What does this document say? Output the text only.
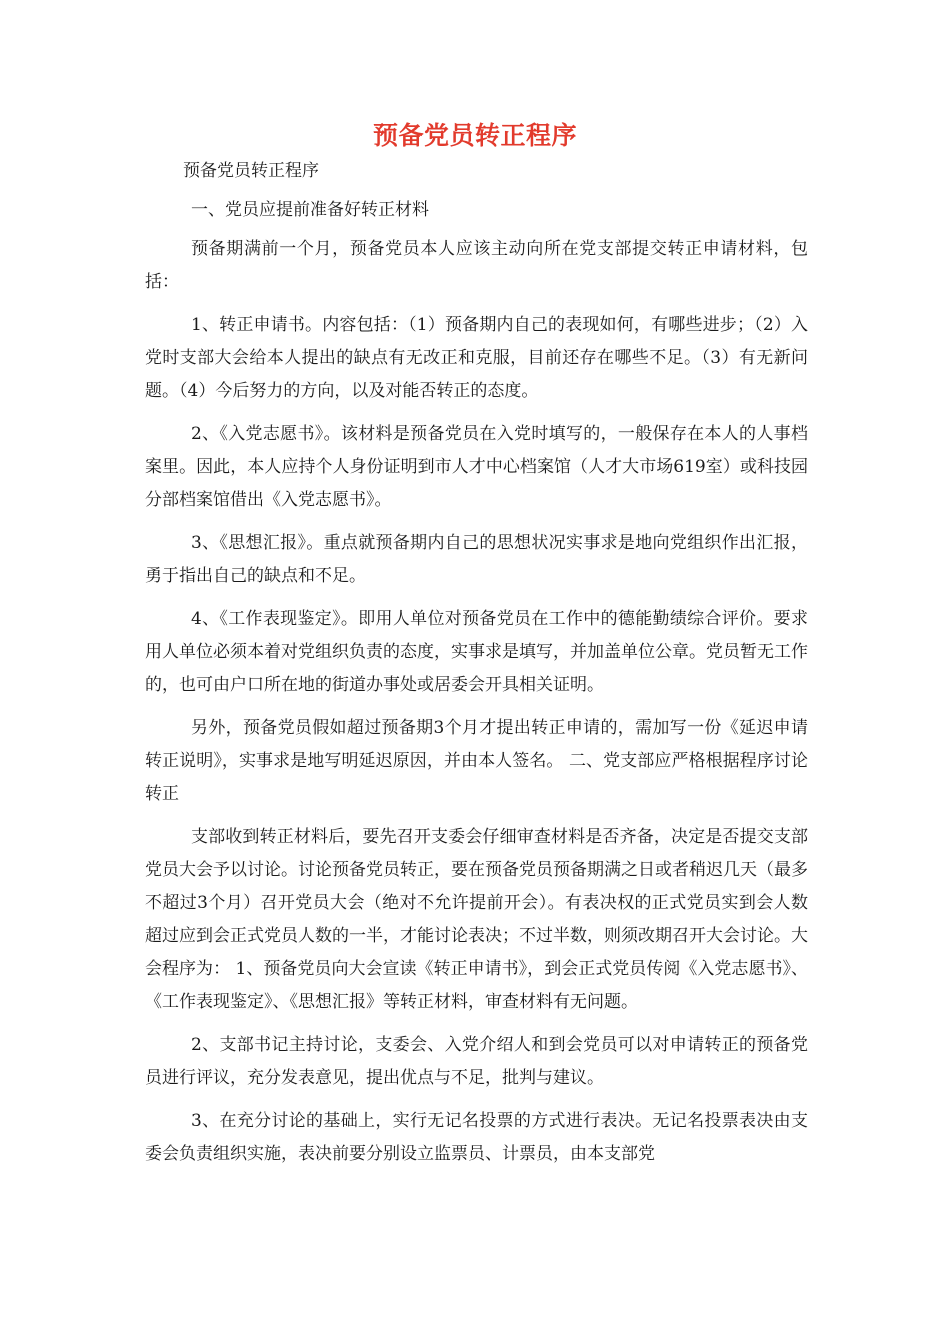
预备党员转正程序

预备党员转正程序

一、党员应提前准备好转正材料

预备期满前一个月，预备党员本人应该主动向所在党支部提交转正申请材料，包括：

1、转正申请书。内容包括：（1）预备期内自己的表现如何，有哪些进步；（2）入党时支部大会给本人提出的缺点有无改正和克服，目前还存在哪些不足。（3）有无新问题。（4）今后努力的方向，以及对能否转正的态度。

2、《入党志愿书》。该材料是预备党员在入党时填写的，一般保存在本人的人事档案里。因此，本人应持个人身份证明到市人才中心档案馆（人才大市场619室）或科技园分部档案馆借出《入党志愿书》。

3、《思想汇报》。重点就预备期内自己的思想状况实事求是地向党组织作出汇报，勇于指出自己的缺点和不足。

4、《工作表现鉴定》。即用人单位对预备党员在工作中的德能勤绩综合评价。要求用人单位必须本着对党组织负责的态度，实事求是填写，并加盖单位公章。党员暂无工作的，也可由户口所在地的街道办事处或居委会开具相关证明。

另外，预备党员假如超过预备期3个月才提出转正申请的，需加写一份《延迟申请转正说明》，实事求是地写明延迟原因，并由本人签名。 二、党支部应严格根据程序讨论转正

支部收到转正材料后，要先召开支委会仔细审查材料是否齐备，决定是否提交支部党员大会予以讨论。讨论预备党员转正，要在预备党员预备期满之日或者稍迟几天（最多不超过3个月）召开党员大会（绝对不允许提前开会）。有表决权的正式党员实到会人数超过应到会正式党员人数的一半，才能讨论表决；不过半数，则须改期召开大会讨论。大会程序为： 1、预备党员向大会宣读《转正申请书》，到会正式党员传阅《入党志愿书》、《工作表现鉴定》、《思想汇报》等转正材料，审查材料有无问题。

2、支部书记主持讨论，支委会、入党介绍人和到会党员可以对申请转正的预备党员进行评议，充分发表意见，提出优点与不足，批判与建议。

3、在充分讨论的基础上，实行无记名投票的方式进行表决。无记名投票表决由支委会负责组织实施，表决前要分别设立监票员、计票员，由本支部党
